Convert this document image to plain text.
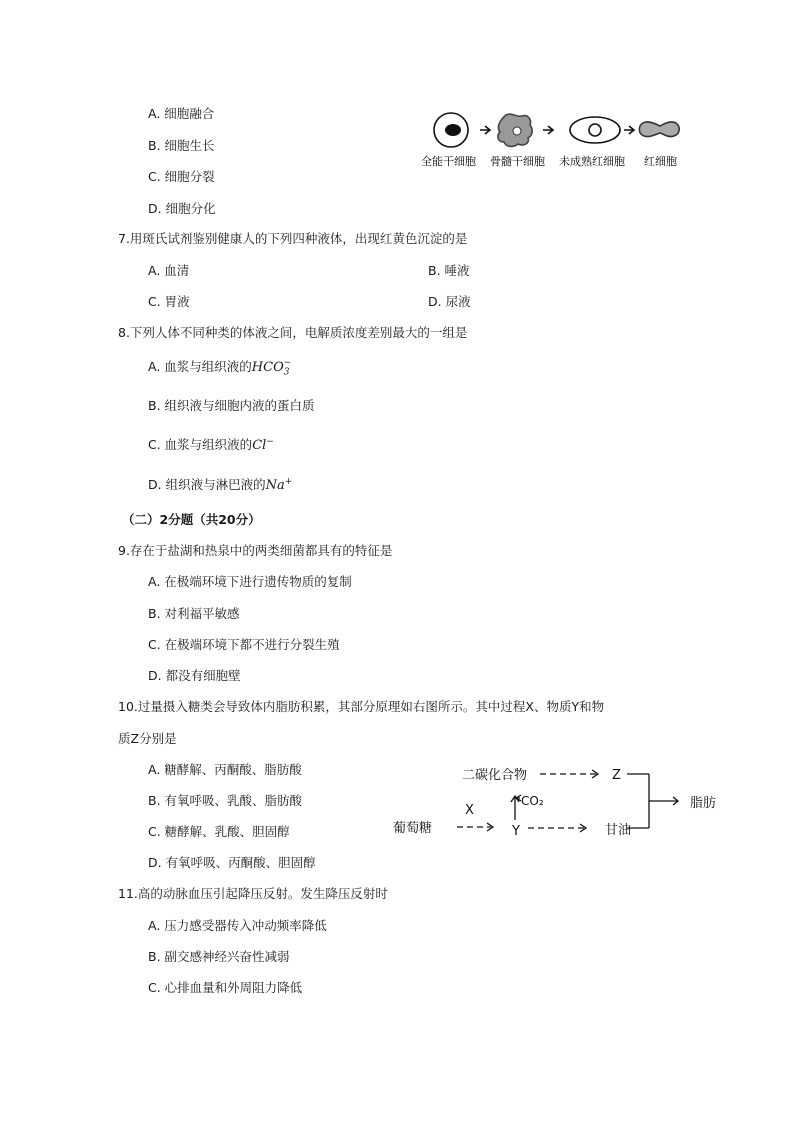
A. 细胞融合
B. 细胞生长
C. 细胞分裂
D. 细胞分化
全能干细胞 骨髓干细胞 未成熟红细胞 红细胞
7.用斑氏试剂鉴别健康人的下列四种液体，出现红黄色沉淀的是
A. 血清	B. 唾液
C. 胃液	D. 尿液
8.下列人体不同种类的体液之间，电解质浓度差别最大的一组是
A. 血浆与组织液的$HCO_3$
−
B. 组织液与细胞内液的蛋白质
C. 血浆与组织液的Cl−
D. 组织液与淋巴液的Na+
（二）2分题（共20分）
9.存在于盐湖和热泉中的两类细菌都具有的特征是
A. 在极端环境下进行遗传物质的复制
B. 对利福平敏感
C. 在极端环境下都不进行分裂生殖
D. 都没有细胞壁
10.过量摄入糖类会导致体内脂肪积累，其部分原理如右图所示。其中过程X、物质Y和物
质Z分别是
A. 糖酵解、丙酮酸、脂肪酸
B. 有氧呼吸、乳酸、脂肪酸
C. 糖酵解、乳酸、胆固醇
D. 有氧呼吸、丙酮酸、胆固醇
二碳化合物	Z
葡萄糖
X
CO₂
Y	甘油
脂肪
11.高的动脉血压引起降压反射。发生降压反射时
A. 压力感受器传入冲动频率降低
B. 副交感神经兴奋性减弱
C. 心排血量和外周阻力降低
